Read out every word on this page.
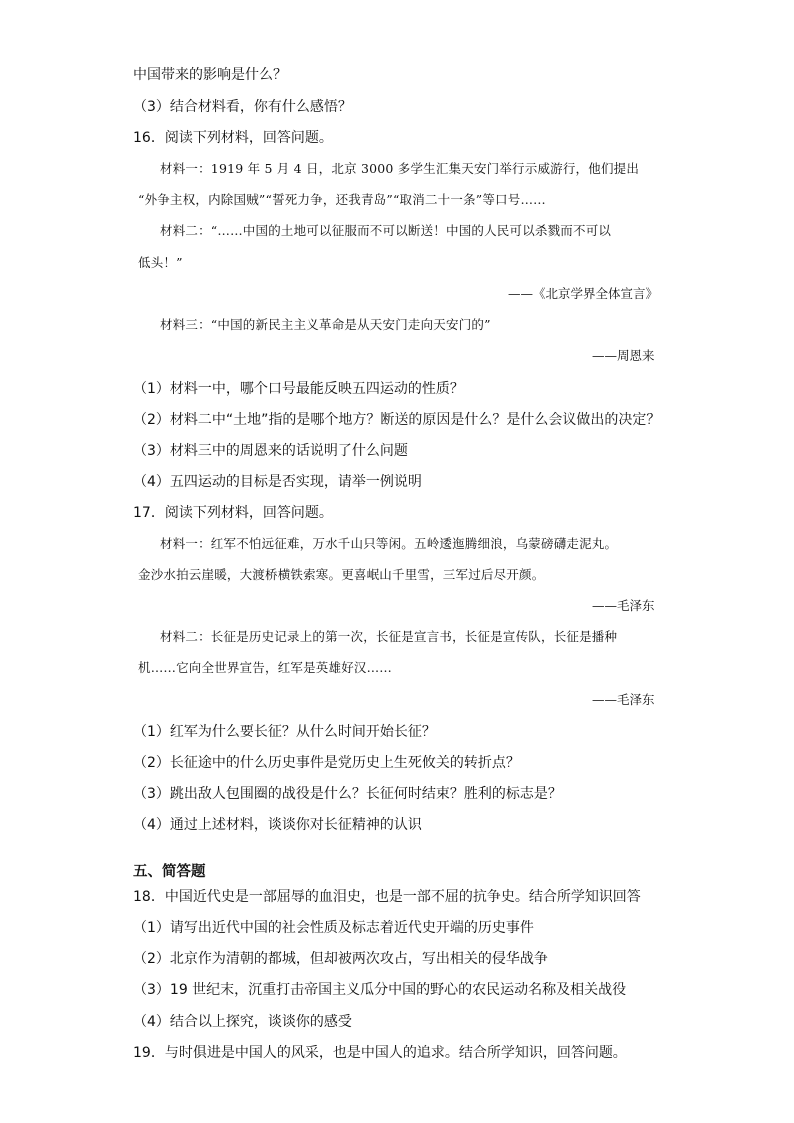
中国带来的影响是什么？
（3）结合材料看，你有什么感悟？
16．阅读下列材料，回答问题。
材料一：1919 年 5 月 4 日，北京 3000 多学生汇集天安门举行示威游行，他们提出
“外争主权，内除国贼”“誓死力争，还我青岛”“取消二十一条”等口号……
材料二：“……中国的土地可以征服而不可以断送！中国的人民可以杀戮而不可以
低头！”
——《北京学界全体宣言》
材料三：“中国的新民主主义革命是从天安门走向天安门的”
——周恩来
（1）材料一中，哪个口号最能反映五四运动的性质？
（2）材料二中“土地”指的是哪个地方？断送的原因是什么？是什么会议做出的决定？
（3）材料三中的周恩来的话说明了什么问题
（4）五四运动的目标是否实现，请举一例说明
17．阅读下列材料，回答问题。
材料一：红军不怕远征难，万水千山只等闲。五岭逶迤腾细浪，乌蒙磅礴走泥丸。
金沙水拍云崖暖，大渡桥横铁索寒。更喜岷山千里雪，三军过后尽开颜。
——毛泽东
材料二：长征是历史记录上的第一次，长征是宣言书，长征是宣传队，长征是播种
机……它向全世界宣告，红军是英雄好汉……
——毛泽东
（1）红军为什么要长征？从什么时间开始长征？
（2）长征途中的什么历史事件是党历史上生死攸关的转折点？
（3）跳出敌人包围圈的战役是什么？长征何时结束？胜利的标志是？
（4）通过上述材料，谈谈你对长征精神的认识
五、简答题
18．中国近代史是一部屈辱的血泪史，也是一部不屈的抗争史。结合所学知识回答
（1）请写出近代中国的社会性质及标志着近代史开端的历史事件
（2）北京作为清朝的都城，但却被两次攻占，写出相关的侵华战争
（3）19 世纪末，沉重打击帝国主义瓜分中国的野心的农民运动名称及相关战役
（4）结合以上探究，谈谈你的感受
19．与时俱进是中国人的风采，也是中国人的追求。结合所学知识，回答问题。
